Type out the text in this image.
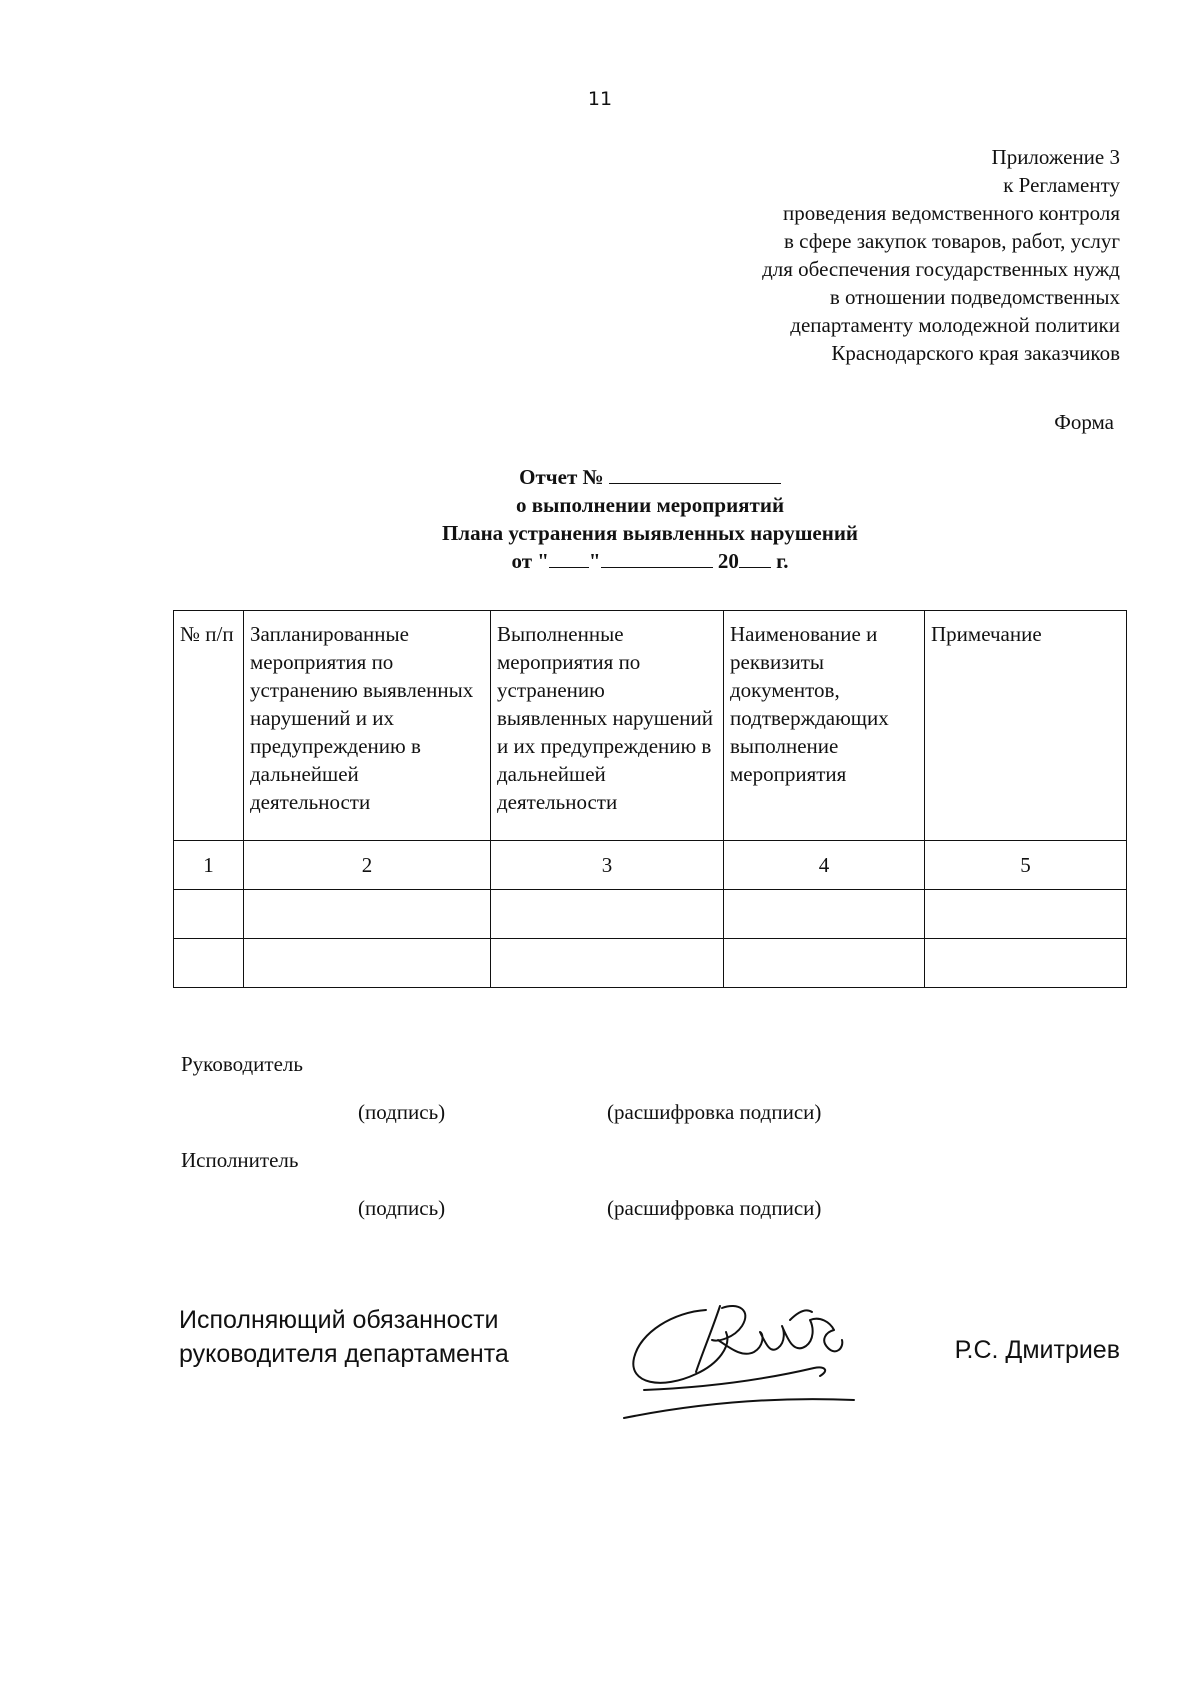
11
Приложение 3
к Регламенту
проведения ведомственного контроля
в сфере закупок товаров, работ, услуг
для обеспечения государственных нужд
в отношении подведомственных
департаменту молодежной политики
Краснодарского края заказчиков
Форма
Отчет №
о выполнении мероприятий
Плана устранения выявленных нарушений
от " "	20 г.
№ п/п	Запланированные мероприятия по устранению выявленных нарушений и их предупреждению в дальнейшей деятельности	Выполненные мероприятия по устранению выявленных нарушений и их предупреждению в дальнейшей деятельности	Наименование и реквизиты документов, подтверждающих выполнение мероприятия	Примечание
1	2	3	4	5

Руководитель
(подпись)	(расшифровка подписи)
Исполнитель
(подпись)	(расшифровка подписи)
Исполняющий обязанности
руководителя департамента	Р.С. Дмитриев
